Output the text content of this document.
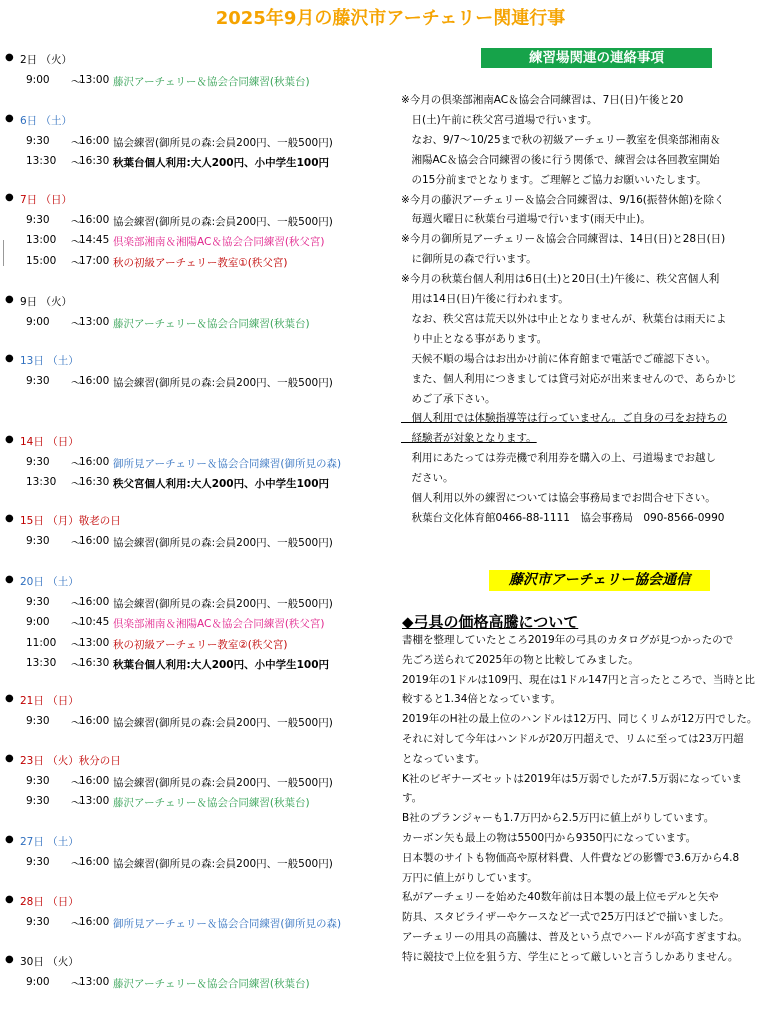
2025年9月の藤沢市アーチェリー関連行事
● 2日 （火）
9:00 ～
13:00 藤沢アーチェリー＆協会合同練習(秋葉台)
● 6日 （土）
9:30 ～
16:00 協会練習(御所見の森:会員200円、一般500円)
13:30 ～
16:30 秋葉台個人利用:大人200円、小中学生100円
● 7日 （日）
9:30 ～
16:00 協会練習(御所見の森:会員200円、一般500円)
13:00 ～
14:45 倶楽部湘南＆湘陽AC＆協会合同練習(秋父宮)
15:00 ～
17:00 秋の初級アーチェリー教室①(秩父宮)
● 9日 （火）
9:00 ～
13:00 藤沢アーチェリー＆協会合同練習(秋葉台)
● 13日 （土）
9:30 ～
16:00 協会練習(御所見の森:会員200円、一般500円)
● 14日 （日）
9:30 ～
16:00 御所見アーチェリー＆協会合同練習(御所見の森)
13:30 ～
16:30 秩父宮個人利用:大人200円、小中学生100円
● 15日 （月）敬老の日
9:30 ～
16:00 協会練習(御所見の森:会員200円、一般500円)
● 20日 （土）
9:30 ～
16:00 協会練習(御所見の森:会員200円、一般500円)
9:00 ～
10:45 倶楽部湘南＆湘陽AC＆協会合同練習(秩父宮)
11:00 ～
13:00 秋の初級アーチェリー教室②(秩父宮)
13:30 ～
16:30 秋葉台個人利用:大人200円、小中学生100円
● 21日 （日）
9:30 ～
16:00 協会練習(御所見の森:会員200円、一般500円)
● 23日 （火）秋分の日
9:30 ～
16:00 協会練習(御所見の森:会員200円、一般500円)
9:30 ～
13:00 藤沢アーチェリー＆協会合同練習(秋葉台)
● 27日 （土）
9:30 ～
16:00 協会練習(御所見の森:会員200円、一般500円)
● 28日 （日）
9:30 ～
16:00 御所見アーチェリー＆協会合同練習(御所見の森)
● 30日 （火）
9:00 ～
13:00 藤沢アーチェリー＆協会合同練習(秋葉台)
練習場関連の連絡事項
※今月の倶楽部湘南AC＆協会合同練習は、7日(日)午後と20
　日(土)午前に秩父宮弓道場で行います。
　なお、9/7～10/25まで秋の初級アーチェリー教室を倶楽部湘南＆
　湘陽AC＆協会合同練習の後に行う関係で、練習会は各回教室開始
　の15分前までとなります。ご理解とご協力お願いいたします。
※今月の藤沢アーチェリー＆協会合同練習は、9/16(振替休館)を除く
　毎週火曜日に秋葉台弓道場で行います(雨天中止)。
※今月の御所見アーチェリー＆協会合同練習は、14日(日)と28日(日)
　に御所見の森で行います。
※今月の秋葉台個人利用は6日(土)と20日(土)午後に、秩父宮個人利
　用は14日(日)午後に行われます。
　なお、秩父宮は荒天以外は中止となりませんが、秋葉台は雨天によ
　り中止となる事があります。
　天候不順の場合はお出かけ前に体育館まで電話でご確認下さい。
　また、個人利用につきましては貸弓対応が出来ませんので、あらかじ
　めご了承下さい。
　個人利用では体験指導等は行っていません。ご自身の弓をお持ちの
　経験者が対象となります。
　利用にあたっては券売機で利用券を購入の上、弓道場までお越し
　ださい。
　個人利用以外の練習については協会事務局までお問合せ下さい。
　秋葉台文化体育館0466-88-1111　協会事務局　090-8566-0990
藤沢市アーチェリー協会通信
◆弓具の価格高騰について
書棚を整理していたところ2019年の弓具のカタログが見つかったので
先ごろ送られて2025年の物と比較してみました。
2019年の1ドルは109円、現在は1ドル147円と言ったところで、当時と比
較すると1.34倍となっています。
2019年のH社の最上位のハンドルは12万円、同じくリムが12万円でした。
それに対して今年はハンドルが20万円超えで、リムに至っては23万円超
となっています。
K社のビギナーズセットは2019年は5万弱でしたが7.5万弱になっていま
す。
B社のプランジャーも1.7万円から2.5万円に値上がりしています。
カーボン矢も最上の物は5500円から9350円になっています。
日本製のサイトも物価高や原材料費、人件費などの影響で3.6万から4.8
万円に値上がりしています。
私がアーチェリーを始めた40数年前は日本製の最上位モデルと矢や
防具、スタビライザーやケースなど一式で25万円ほどで揃いました。
アーチェリーの用具の高騰は、普及という点でハードルが高すぎますね。
特に競技で上位を狙う方、学生にとって厳しいと言うしかありません。
